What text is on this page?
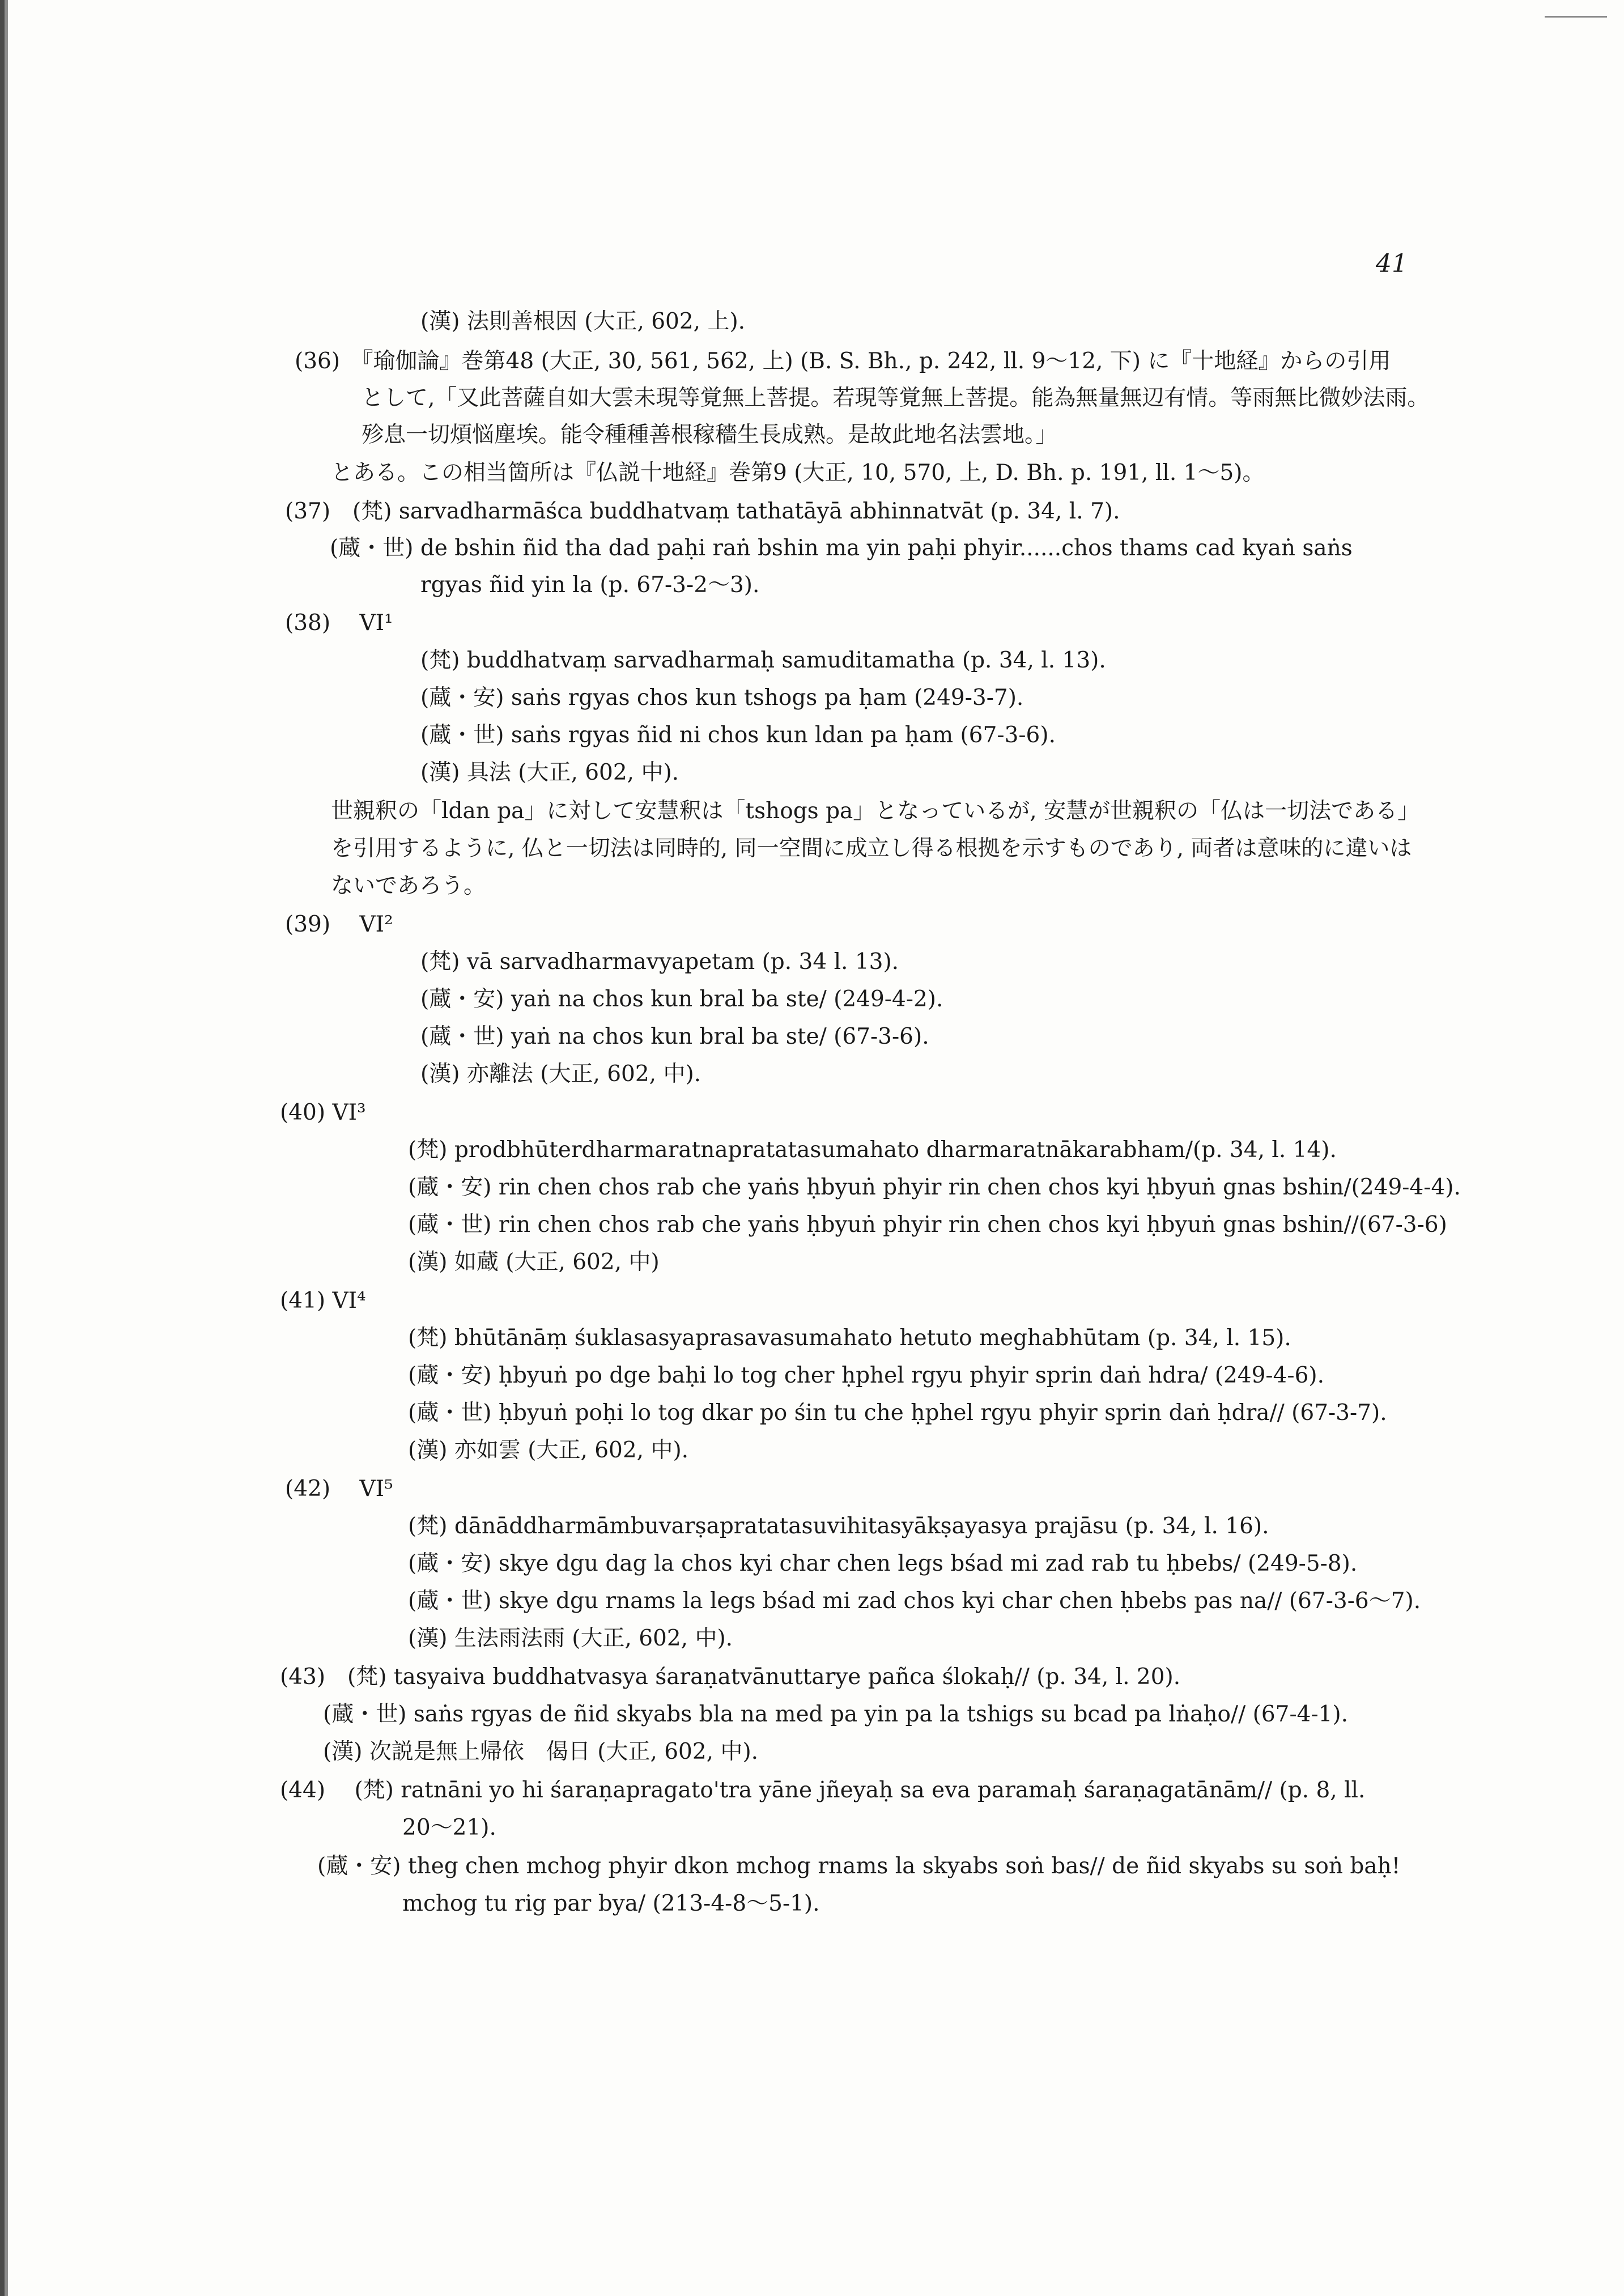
41
(漢) 法則善根因 (大正, 602, 上).
(36)　『瑜伽論』巻第48 (大正, 30, 561, 562, 上) (B. S. Bh., p. 242, ll. 9～12, 下) に『十地経』からの引用
として,「又此菩薩自如大雲未現等覚無上菩提。若現等覚無上菩提。能為無量無辺有情。等雨無比微妙法雨。
殄息一切煩悩塵埃。能令種種善根稼穡生長成熟。是故此地名法雲地。」
とある。この相当箇所は『仏説十地経』巻第9 (大正, 10, 570, 上, D. Bh. p. 191, ll. 1～5)。
(37)　(梵) sarvadharmāśca buddhatvaṃ tathatāyā abhinnatvāt (p. 34, l. 7).
(蔵・世) de bshin ñid tha dad paḥi raṅ bshin ma yin paḥi phyir......chos thams cad kyaṅ saṅs
rgyas ñid yin la (p. 67-3-2～3).
(38)　 VI¹
(梵) buddhatvaṃ sarvadharmaḥ samuditamatha (p. 34, l. 13).
(蔵・安) saṅs rgyas chos kun tshogs pa ḥam (249-3-7).
(蔵・世) saṅs rgyas ñid ni chos kun ldan pa ḥam (67-3-6).
(漢) 具法 (大正, 602, 中).
世親釈の「ldan pa」に対して安慧釈は「tshogs pa」となっているが, 安慧が世親釈の「仏は一切法である」
を引用するように, 仏と一切法は同時的, 同一空間に成立し得る根拠を示すものであり, 両者は意味的に違いは
ないであろう。
(39)　 VI²
(梵) vā sarvadharmavyapetam (p. 34 l. 13).
(蔵・安) yaṅ na chos kun bral ba ste/ (249-4-2).
(蔵・世) yaṅ na chos kun bral ba ste/ (67-3-6).
(漢) 亦離法 (大正, 602, 中).
(40) VI³
(梵) prodbhūterdharmaratnapratatasumahato dharmaratnākarabham/(p. 34, l. 14).
(蔵・安) rin chen chos rab che yaṅs ḥbyuṅ phyir rin chen chos kyi ḥbyuṅ gnas bshin/(249-4-4).
(蔵・世) rin chen chos rab che yaṅs ḥbyuṅ phyir rin chen chos kyi ḥbyuṅ gnas bshin//(67-3-6)
(漢) 如蔵 (大正, 602, 中)
(41) VI⁴
(梵) bhūtānāṃ śuklasasyaprasavasumahato hetuto meghabhūtam (p. 34, l. 15).
(蔵・安) ḥbyuṅ po dge baḥi lo tog cher ḥphel rgyu phyir sprin daṅ hdra/ (249-4-6).
(蔵・世) ḥbyuṅ poḥi lo tog dkar po śin tu che ḥphel rgyu phyir sprin daṅ ḥdra// (67-3-7).
(漢) 亦如雲 (大正, 602, 中).
(42)　 VI⁵
(梵) dānāddharmāmbuvarṣapratatasuvihitasyākṣayasya prajāsu (p. 34, l. 16).
(蔵・安) skye dgu dag la chos kyi char chen legs bśad mi zad rab tu ḥbebs/ (249-5-8).
(蔵・世) skye dgu rnams la legs bśad mi zad chos kyi char chen ḥbebs pas na// (67-3-6～7).
(漢) 生法雨法雨 (大正, 602, 中).
(43)　(梵) tasyaiva buddhatvasya śaraṇatvānuttarye pañca ślokaḥ// (p. 34, l. 20).
(蔵・世) saṅs rgyas de ñid skyabs bla na med pa yin pa la tshigs su bcad pa lṅaḥo// (67-4-1).
(漢) 次説是無上帰依　偈日 (大正, 602, 中).
(44)　 (梵) ratnāni yo hi śaraṇapragato'tra yāne jñeyaḥ sa eva paramaḥ śaraṇagatānām// (p. 8, ll.
20～21).
(蔵・安) theg chen mchog phyir dkon mchog rnams la skyabs soṅ bas// de ñid skyabs su soṅ baḥ!
mchog tu rig par bya/ (213-4-8～5-1).
